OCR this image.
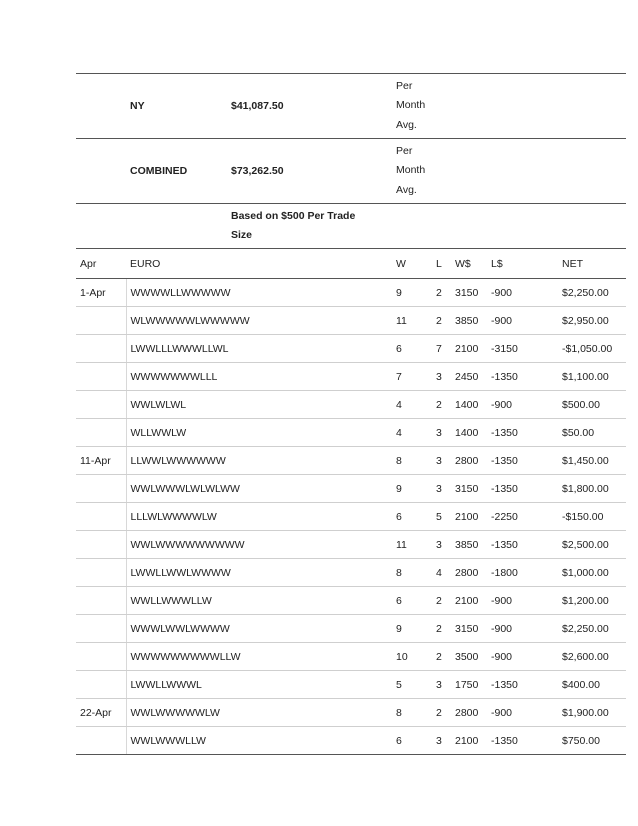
	NY	$41,087.50	Per
Month
Avg.				

	COMBINED	$73,262.50	Per
Month
Avg.				

		Based on $500 Per Trade
Size					

Apr	EURO		W	L	W$	L$	NET
1-Apr	WWWWLLWWWWW		9	2	3150	-900	$2,250.00
	WLWWWWWLWWWWW		11	2	3850	-900	$2,950.00
	LWWLLLWWWLLWL		6	7	2100	-3150	-$1,050.00
	WWWWWWWLLL		7	3	2450	-1350	$1,100.00
	WWLWLWL		4	2	1400	-900	$500.00
	WLLWWLW		4	3	1400	-1350	$50.00
11-Apr	LLWWLWWWWWW		8	3	2800	-1350	$1,450.00
	WWLWWWLWLWLWW		9	3	3150	-1350	$1,800.00
	LLLWLWWWWLW		6	5	2100	-2250	-$150.00
	WWLWWWWWWWWW		11	3	3850	-1350	$2,500.00
	LWWLLWWLWWWW		8	4	2800	-1800	$1,000.00
	WWLLWWWLLW		6	2	2100	-900	$1,200.00
	WWWLWWLWWWW		9	2	3150	-900	$2,250.00
	WWWWWWWWWLLW		10	2	3500	-900	$2,600.00
	LWWLLWWWL		5	3	1750	-1350	$400.00
22-Apr	WWLWWWWWLW		8	2	2800	-900	$1,900.00
	WWLWWWLLW		6	3	2100	-1350	$750.00
